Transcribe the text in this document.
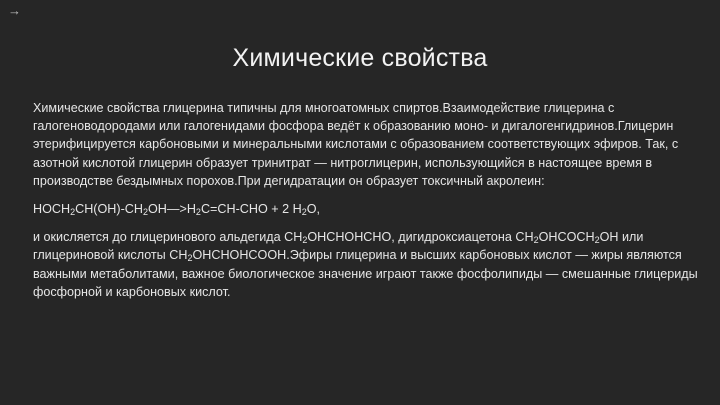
→
Химические свойства

Химические свойства глицерина типичны для многоатомных спиртов.Взаимодействие глицерина с галогеноводородами или галогенидами фосфора ведёт к образованию моно- и дигалогенгидринов.Глицерин этерифицируется карбоновыми и минеральными кислотами с образованием соответствующих эфиров. Так, с азотной кислотой глицерин образует тринитрат — нитроглицерин, использующийся в настоящее время в производстве бездымных порохов.При дегидратации он образует токсичный акролеин:

$HOCH_2CH(OH)-CH_2OH—>H_2C=CH$-CHO + 2 $H_2O$,

и окисляется до глицеринового альдегида $CH_2OHCHOHCHO$, дигидроксиацетона $CH_2OHCOCH_2OH$ или глицериновой кислоты $CH_2OHCHOHCOOH.Эфиры$ глицерина и высших карбоновых кислот — жиры являются важными метаболитами, важное биологическое значение играют также фосфолипиды — смешанные глицериды фосфорной и карбоновых кислот.
